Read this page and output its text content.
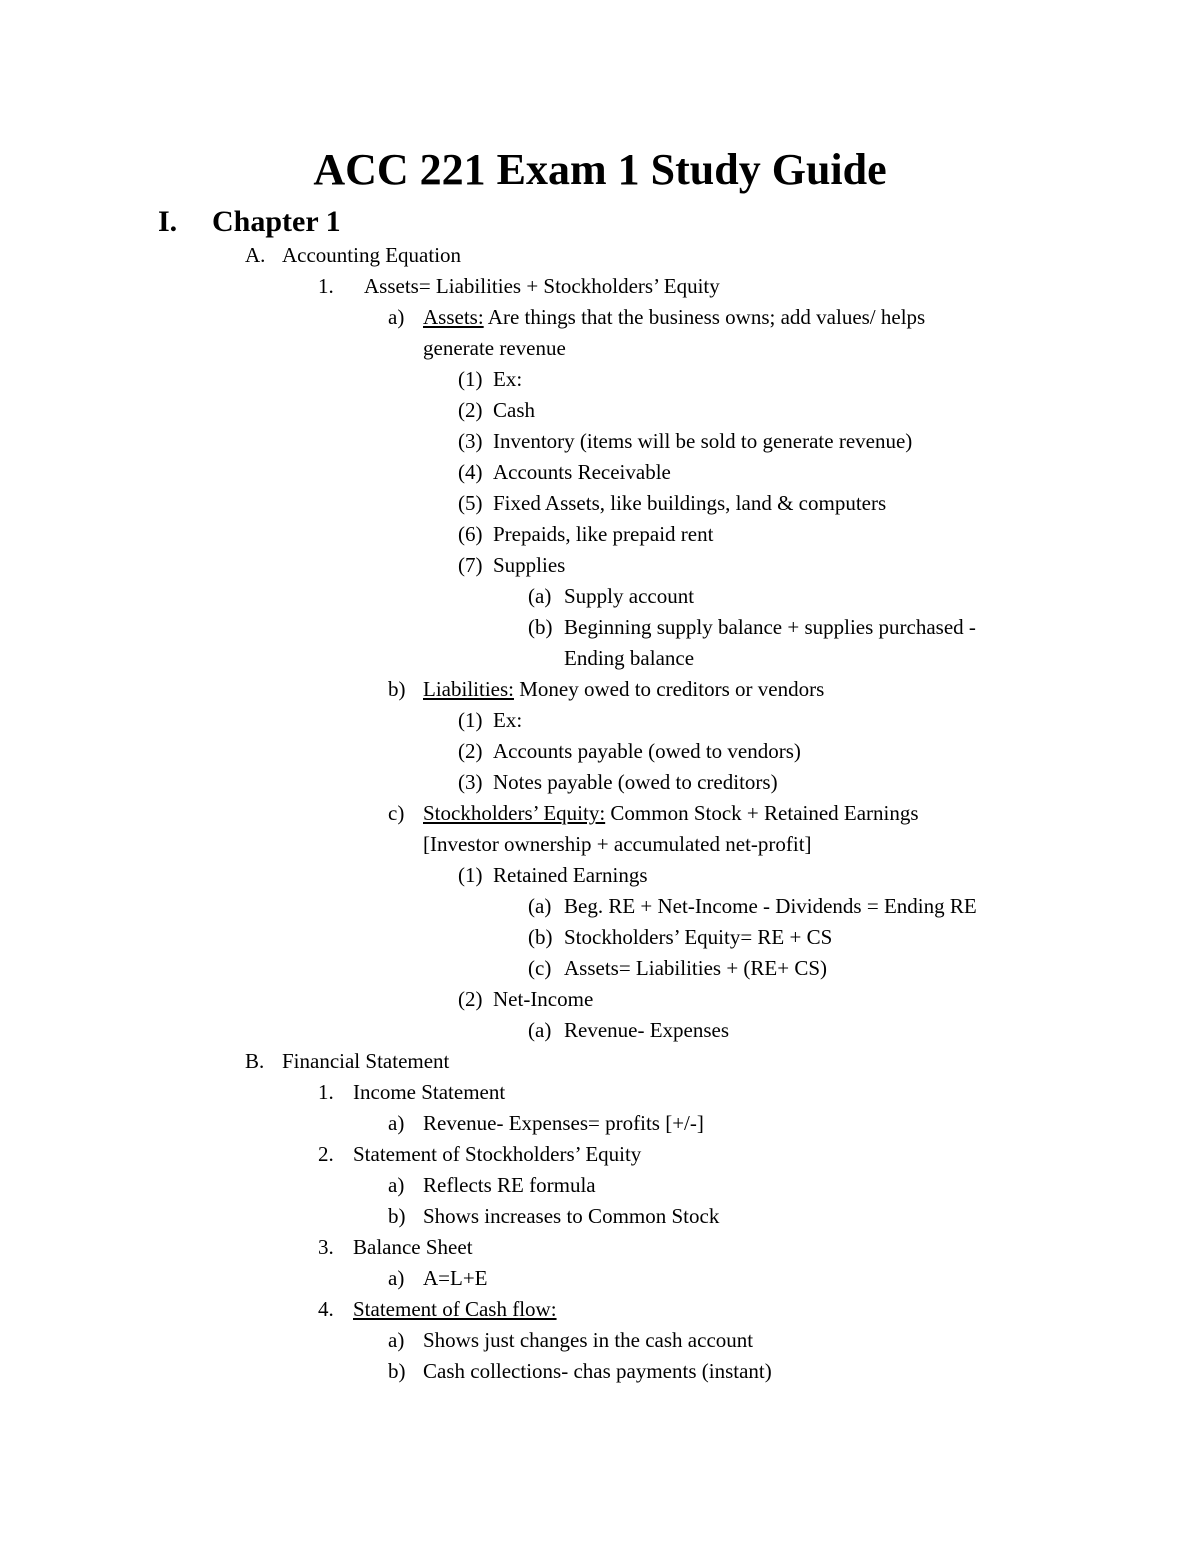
ACC 221 Exam 1 Study Guide
I. Chapter 1
A. Accounting Equation
1. Assets= Liabilities + Stockholders’ Equity
a) Assets: Are things that the business owns; add values/ helps
generate revenue
(1) Ex:
(2) Cash
(3) Inventory (items will be sold to generate revenue)
(4) Accounts Receivable
(5) Fixed Assets, like buildings, land & computers
(6) Prepaids, like prepaid rent
(7) Supplies
(a) Supply account
(b) Beginning supply balance + supplies purchased -
Ending balance
b) Liabilities: Money owed to creditors or vendors
(1) Ex:
(2) Accounts payable (owed to vendors)
(3) Notes payable (owed to creditors)
c) Stockholders’ Equity: Common Stock + Retained Earnings
[Investor ownership + accumulated net-profit]
(1) Retained Earnings
(a) Beg. RE + Net-Income - Dividends = Ending RE
(b) Stockholders’ Equity= RE + CS
(c) Assets= Liabilities + (RE+ CS)
(2) Net-Income
(a) Revenue- Expenses
B. Financial Statement
1. Income Statement
a) Revenue- Expenses= profits [+/-]
2. Statement of Stockholders’ Equity
a) Reflects RE formula
b) Shows increases to Common Stock
3. Balance Sheet
a) A=L+E
4. Statement of Cash flow:
a) Shows just changes in the cash account
b) Cash collections- chas payments (instant)
